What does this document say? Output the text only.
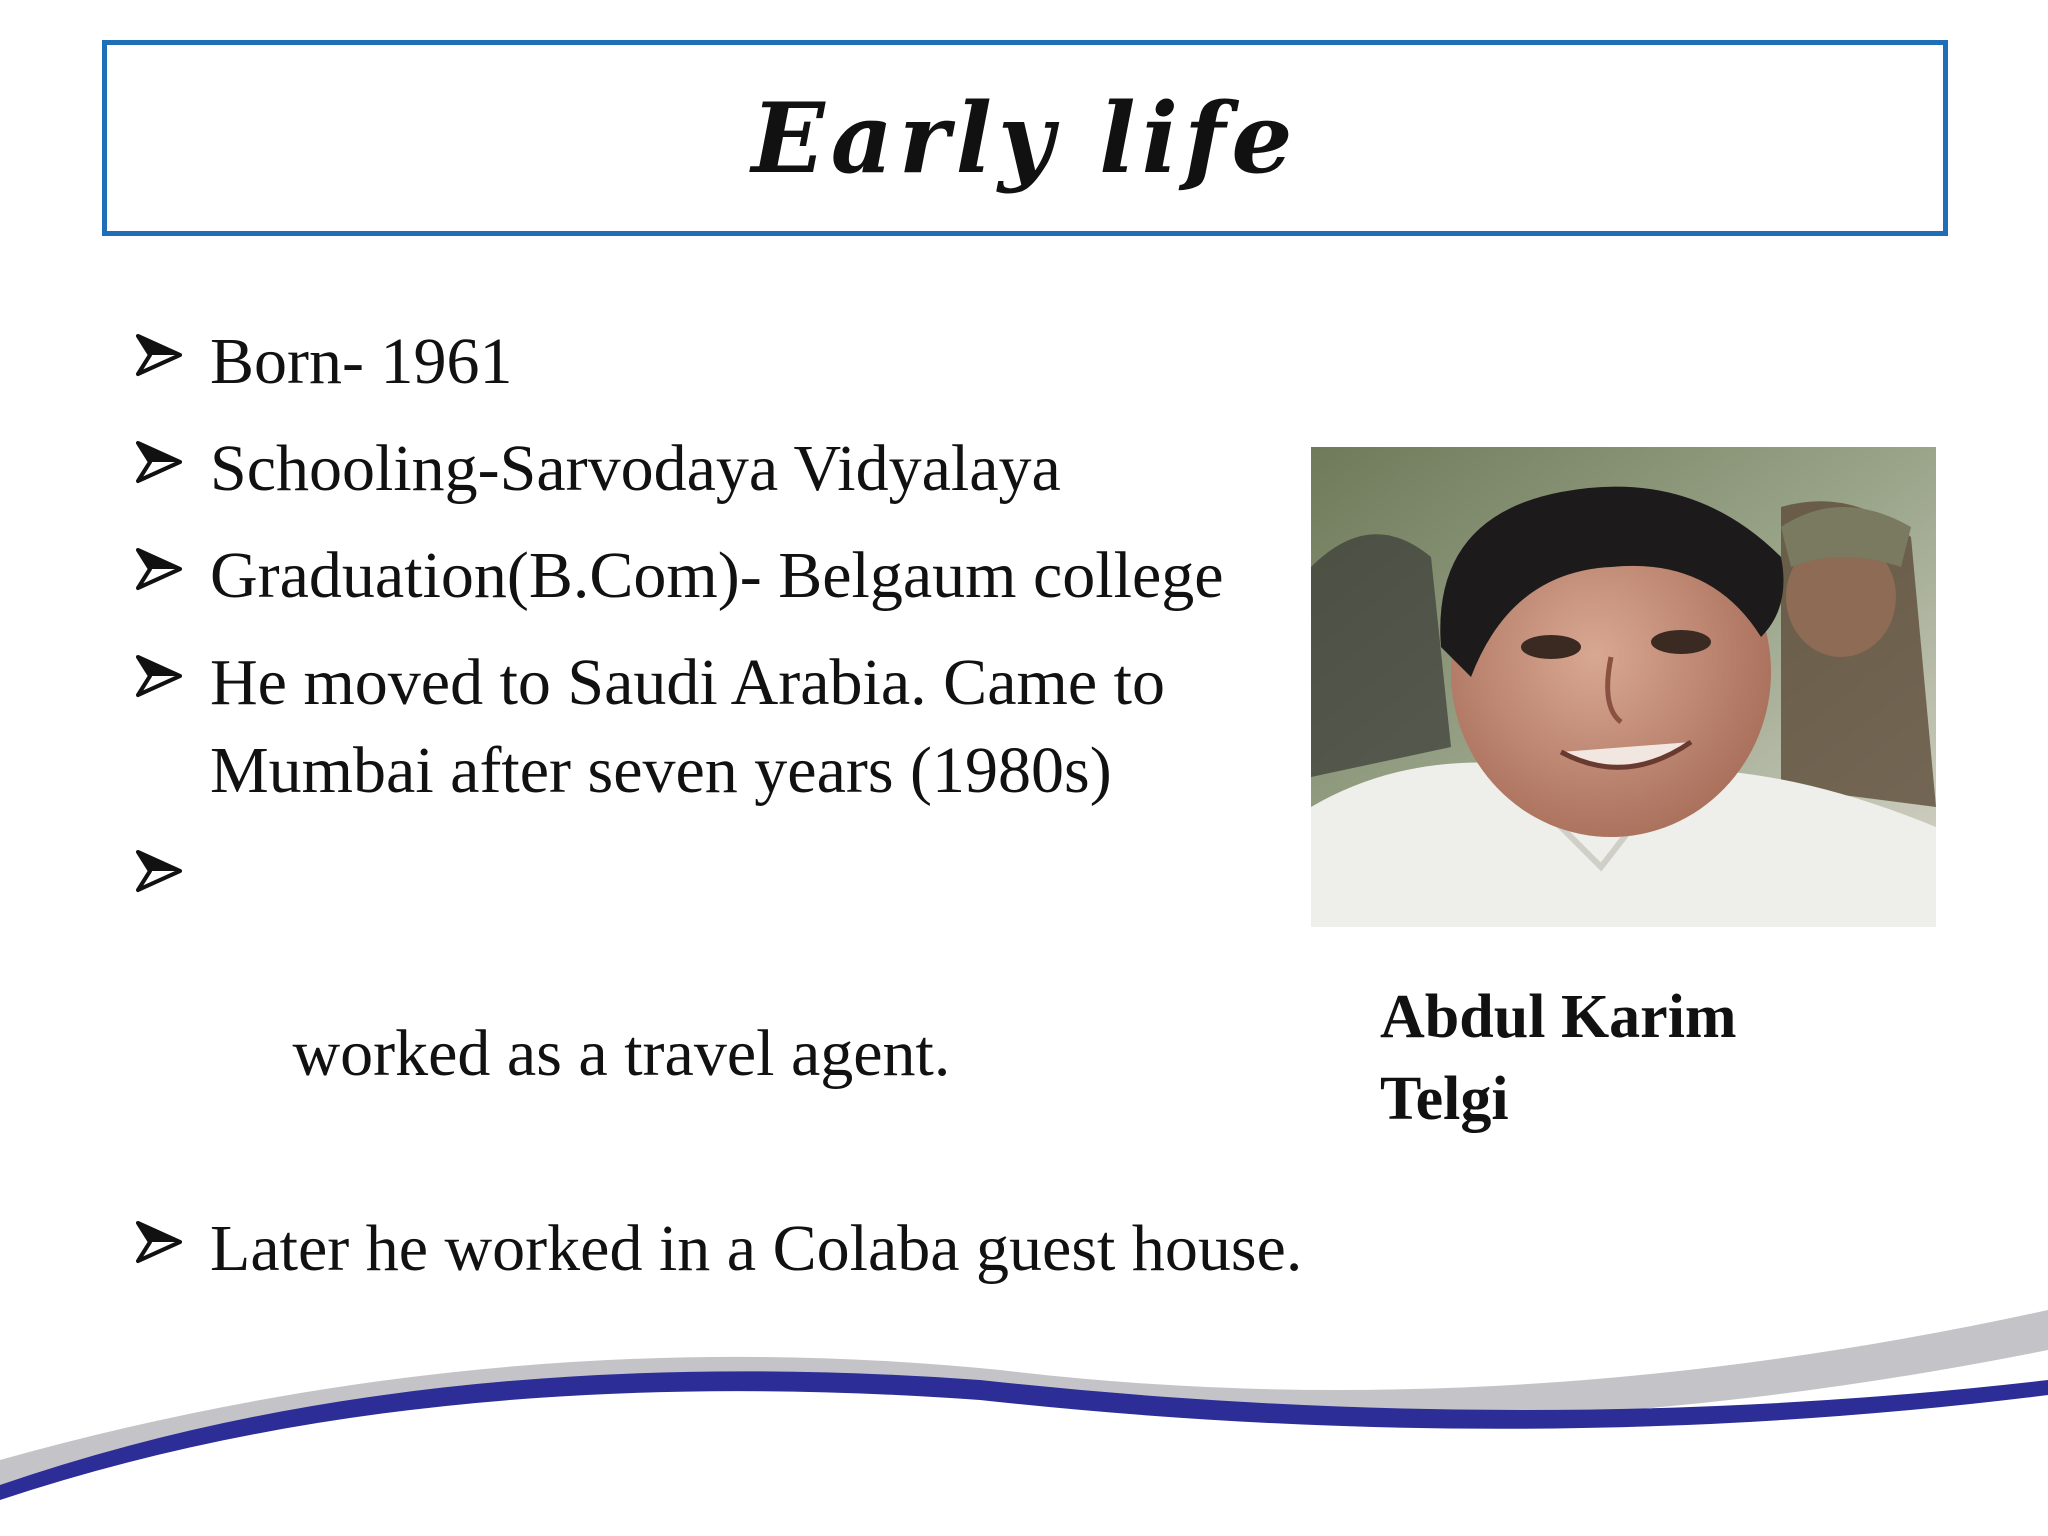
Early life
Born- 1961
Schooling-Sarvodaya Vidyalaya
Graduation(B.Com)- Belgaum college
He moved to Saudi Arabia. Came to Mumbai after seven years (1980s)

worked as a travel agent.

Later he worked in a Colaba guest house.
Abdul Karim Telgi
